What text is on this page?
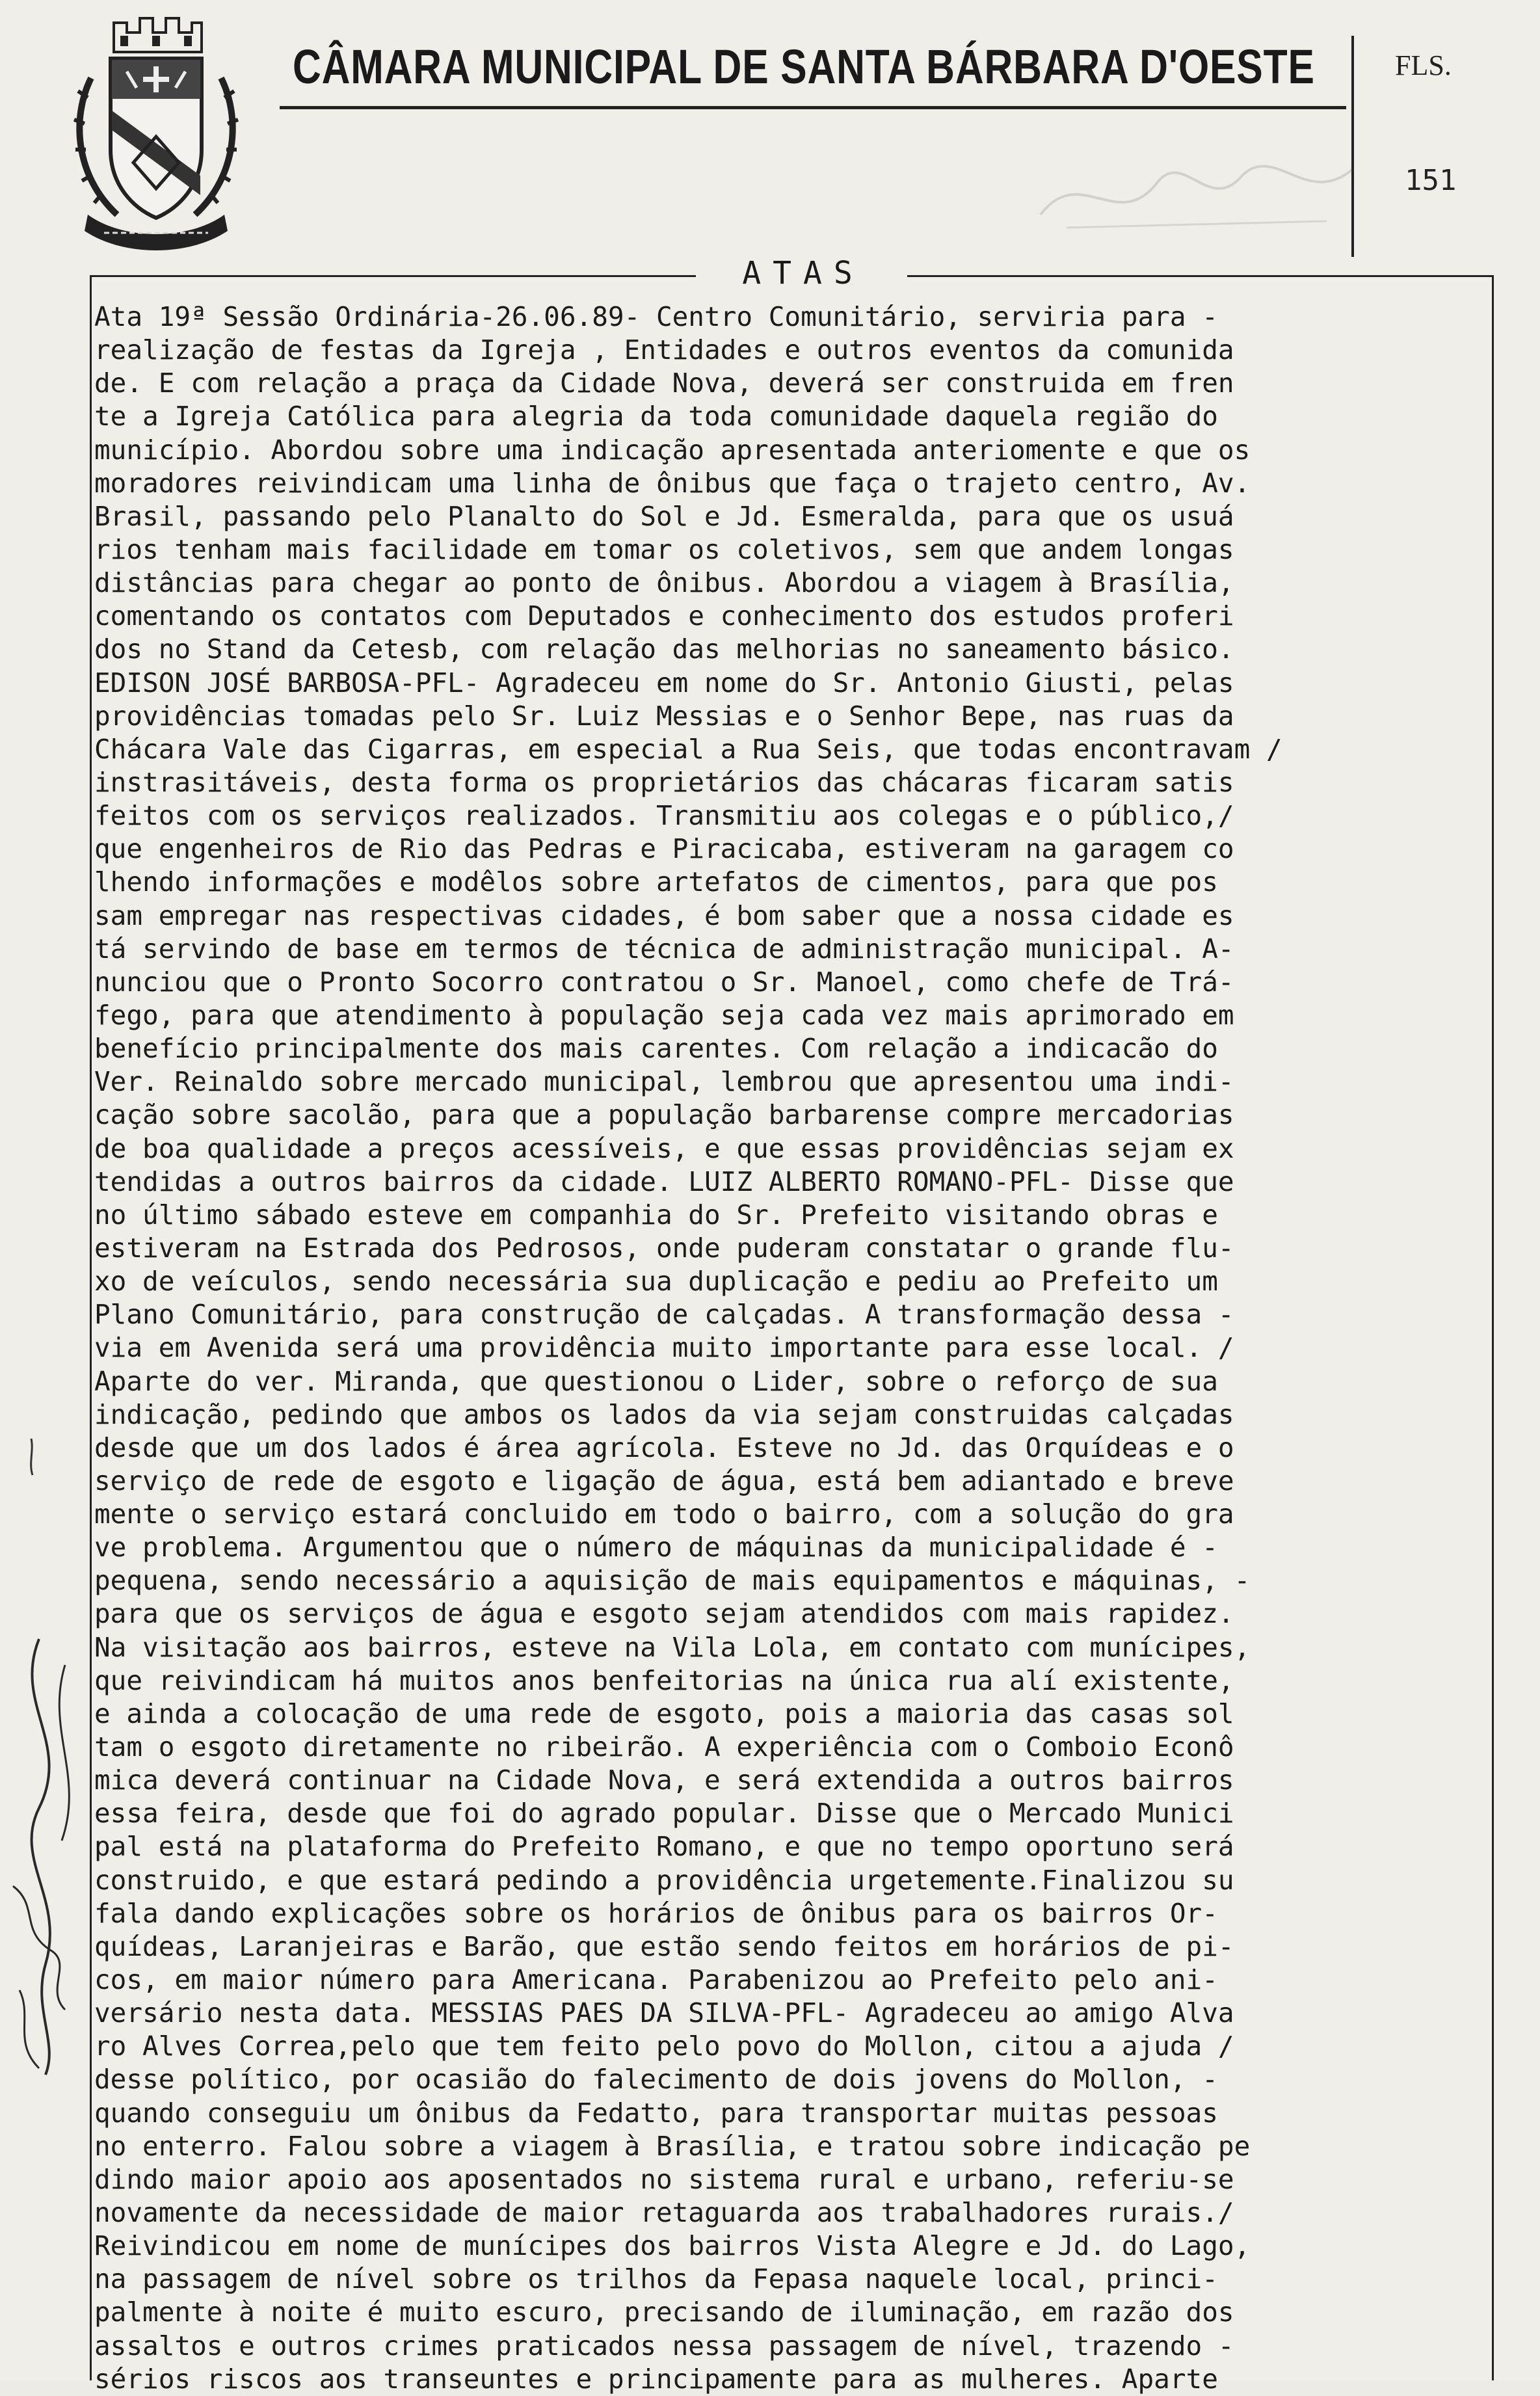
CÂMARA MUNICIPAL DE SANTA BÁRBARA D'OESTE	FLS.
151
ATAS
Ata 19ª Sessão Ordinária-26.06.89- Centro Comunitário, serviria para -
realização de festas da Igreja , Entidades e outros eventos da comunida
de. E com relação a praça da Cidade Nova, deverá ser construida em fren
te a Igreja Católica para alegria da toda comunidade daquela região do
município. Abordou sobre uma indicação apresentada anteriomente e que os
moradores reivindicam uma linha de ônibus que faça o trajeto centro, Av.
Brasil, passando pelo Planalto do Sol e Jd. Esmeralda, para que os usuá
rios tenham mais facilidade em tomar os coletivos, sem que andem longas
distâncias para chegar ao ponto de ônibus. Abordou a viagem à Brasília,
comentando os contatos com Deputados e conhecimento dos estudos proferi
dos no Stand da Cetesb, com relação das melhorias no saneamento básico.
EDISON JOSÉ BARBOSA-PFL- Agradeceu em nome do Sr. Antonio Giusti, pelas
providências tomadas pelo Sr. Luiz Messias e o Senhor Bepe, nas ruas da
Chácara Vale das Cigarras, em especial a Rua Seis, que todas encontravam /
instrasitáveis, desta forma os proprietários das chácaras ficaram satis
feitos com os serviços realizados. Transmitiu aos colegas e o público,/
que engenheiros de Rio das Pedras e Piracicaba, estiveram na garagem co
lhendo informações e modêlos sobre artefatos de cimentos, para que pos
sam empregar nas respectivas cidades, é bom saber que a nossa cidade es
tá servindo de base em termos de técnica de administração municipal. A-
nunciou que o Pronto Socorro contratou o Sr. Manoel, como chefe de Trá-
fego, para que atendimento à população seja cada vez mais aprimorado em
benefício principalmente dos mais carentes. Com relação a indicacão do
Ver. Reinaldo sobre mercado municipal, lembrou que apresentou uma indi-
cação sobre sacolão, para que a população barbarense compre mercadorias
de boa qualidade a preços acessíveis, e que essas providências sejam ex
tendidas a outros bairros da cidade. LUIZ ALBERTO ROMANO-PFL- Disse que
no último sábado esteve em companhia do Sr. Prefeito visitando obras e
estiveram na Estrada dos Pedrosos, onde puderam constatar o grande flu-
xo de veículos, sendo necessária sua duplicação e pediu ao Prefeito um
Plano Comunitário, para construção de calçadas. A transformação dessa -
via em Avenida será uma providência muito importante para esse local. /
Aparte do ver. Miranda, que questionou o Lider, sobre o reforço de sua
indicação, pedindo que ambos os lados da via sejam construidas calçadas
desde que um dos lados é área agrícola. Esteve no Jd. das Orquídeas e o
serviço de rede de esgoto e ligação de água, está bem adiantado e breve
mente o serviço estará concluido em todo o bairro, com a solução do gra
ve problema. Argumentou que o número de máquinas da municipalidade é -
pequena, sendo necessário a aquisição de mais equipamentos e máquinas, -
para que os serviços de água e esgoto sejam atendidos com mais rapidez.
Na visitação aos bairros, esteve na Vila Lola, em contato com munícipes,
que reivindicam há muitos anos benfeitorias na única rua alí existente,
e ainda a colocação de uma rede de esgoto, pois a maioria das casas sol
tam o esgoto diretamente no ribeirão. A experiência com o Comboio Econô
mica deverá continuar na Cidade Nova, e será extendida a outros bairros
essa feira, desde que foi do agrado popular. Disse que o Mercado Munici
pal está na plataforma do Prefeito Romano, e que no tempo oportuno será
construido, e que estará pedindo a providência urgetemente.Finalizou su
fala dando explicações sobre os horários de ônibus para os bairros Or-
quídeas, Laranjeiras e Barão, que estão sendo feitos em horários de pi-
cos, em maior número para Americana. Parabenizou ao Prefeito pelo ani-
versário nesta data. MESSIAS PAES DA SILVA-PFL- Agradeceu ao amigo Alva
ro Alves Correa,pelo que tem feito pelo povo do Mollon, citou a ajuda /
desse político, por ocasião do falecimento de dois jovens do Mollon, -
quando conseguiu um ônibus da Fedatto, para transportar muitas pessoas
no enterro. Falou sobre a viagem à Brasília, e tratou sobre indicação pe
dindo maior apoio aos aposentados no sistema rural e urbano, referiu-se
novamente da necessidade de maior retaguarda aos trabalhadores rurais./
Reivindicou em nome de munícipes dos bairros Vista Alegre e Jd. do Lago,
na passagem de nível sobre os trilhos da Fepasa naquele local, princi-
palmente à noite é muito escuro, precisando de iluminação, em razão dos
assaltos e outros crimes praticados nessa passagem de nível, trazendo -
sérios riscos aos transeuntes e principamente para as mulheres. Aparte
